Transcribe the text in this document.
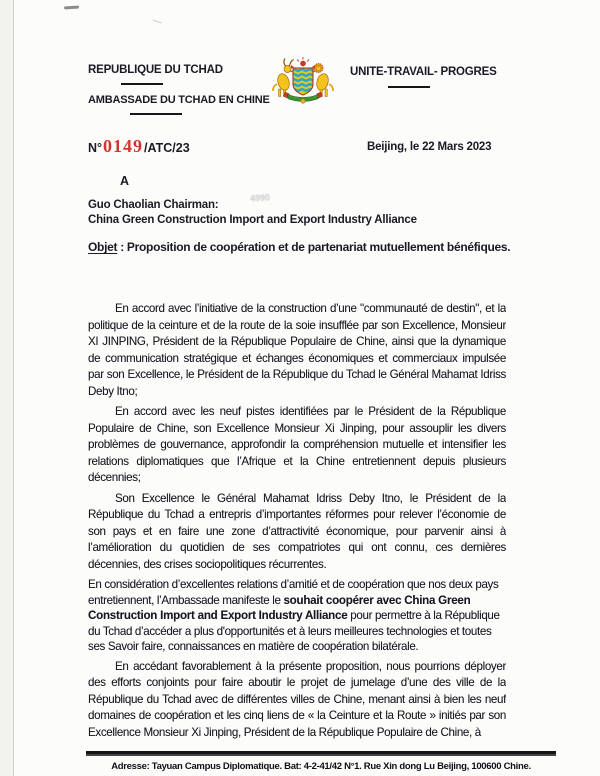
REPUBLIQUE DU TCHAD
AMBASSADE DU TCHAD EN CHINE
UNITE-TRAVAIL- PROGRES
N° 0149 /ATC/23	Beijing, le 22 Mars 2023
A
4990
Guo Chaolian Chairman:
China Green Construction Import and Export Industry Alliance
Objet : Proposition de coopération et de partenariat mutuellement bénéfiques.

En accord avec l’initiative de la construction d’une "communauté de destin", et la politique de la ceinture et de la route de la soie insufflée par son Excellence, Monsieur XI JINPING, Président de la République Populaire de Chine, ainsi que la dynamique de communication stratégique et échanges économiques et commerciaux impulsée par son Excellence, le Président de la République du Tchad le Général Mahamat Idriss Deby Itno;

En accord avec les neuf pistes identifiées par le Président de la République Populaire de Chine, son Excellence Monsieur Xi Jinping, pour assouplir les divers problèmes de gouvernance, approfondir la compréhension mutuelle et intensifier les relations diplomatiques que l’Afrique et la Chine entretiennent depuis plusieurs décennies;

Son Excellence le Général Mahamat Idriss Deby Itno, le Président de la République du Tchad a entrepris d’importantes réformes pour relever l’économie de son pays et en faire une zone d’attractivité économique, pour parvenir ainsi à l’amélioration du quotidien de ses compatriotes qui ont connu, ces dernières décennies, des crises sociopolitiques récurrentes.

En considération d’excellentes relations d’amitié et de coopération que nos deux pays entretiennent, l’Ambassade manifeste le souhait coopérer avec China Green Construction Import and Export Industry Alliance pour permettre à la République du Tchad d’accéder a plus d'opportunités et à leurs meilleures technologies et toutes ses Savoir faire, connaissances en matière de coopération bilatérale.

En accédant favorablement à la présente proposition, nous pourrions déployer des efforts conjoints pour faire aboutir le projet de jumelage d’une des ville de la République du Tchad avec de différentes villes de Chine, menant ainsi à bien les neuf domaines de coopération et les cinq liens de « la Ceinture et la Route » initiés par son Excellence Monsieur Xi Jinping, Président de la République Populaire de Chine, à

Adresse: Tayuan Campus Diplomatique. Bat: 4-2-41/42 N°1. Rue Xin dong Lu Beijing, 100600 Chine.
